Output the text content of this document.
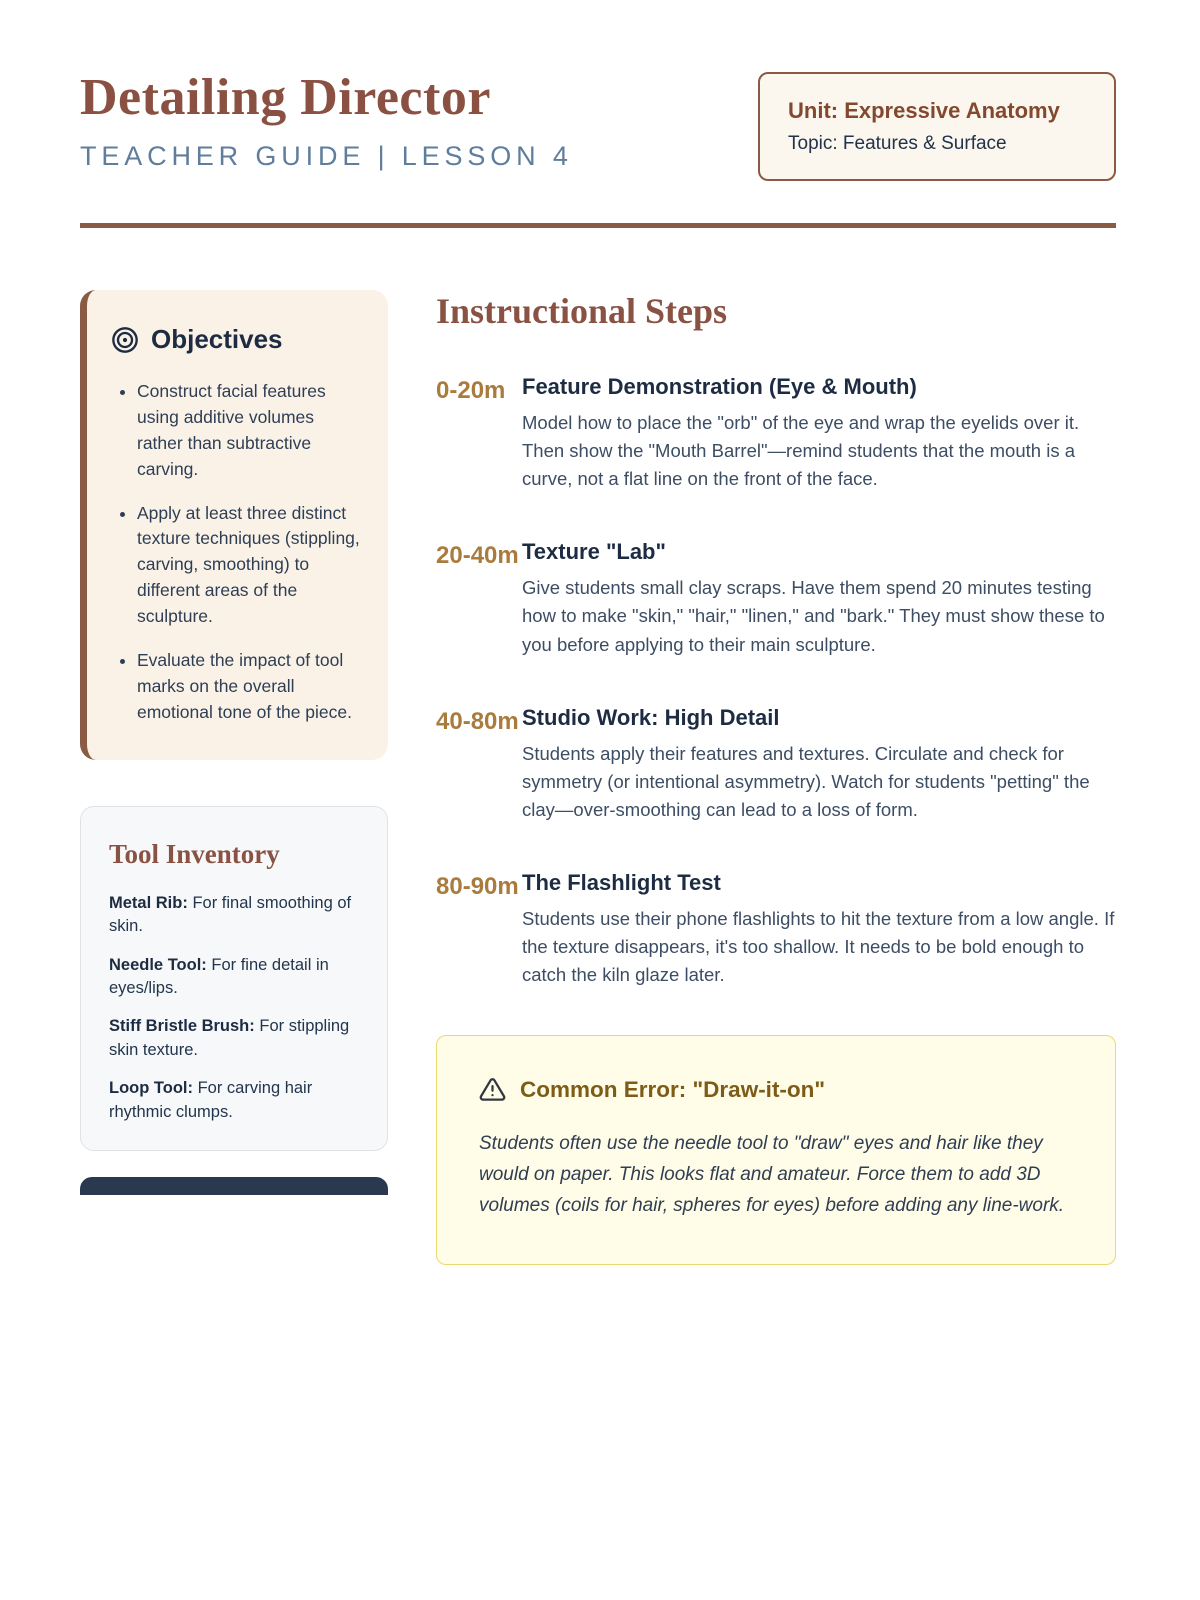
Detailing Director
TEACHER GUIDE | LESSON 4
Unit: Expressive Anatomy
Topic: Features & Surface
Objectives
• Construct facial features using additive volumes rather than subtractive carving.
• Apply at least three distinct texture techniques (stippling, carving, smoothing) to different areas of the sculpture.
• Evaluate the impact of tool marks on the overall emotional tone of the piece.
Tool Inventory

Metal Rib: For final smoothing of skin.

Needle Tool: For fine detail in eyes/lips.

Stiff Bristle Brush: For stippling skin texture.

Loop Tool: For carving hair rhythmic clumps.

Instructional Steps
0-20m Feature Demonstration (Eye & Mouth)

Model how to place the "orb" of the eye and wrap the eyelids over it. Then show the "Mouth Barrel"—remind students that the mouth is a curve, not a flat line on the front of the face.

20-40m Texture "Lab"

Give students small clay scraps. Have them spend 20 minutes testing how to make "skin," "hair," "linen," and "bark." They must show these to you before applying to their main sculpture.

40-80m Studio Work: High Detail

Students apply their features and textures. Circulate and check for symmetry (or intentional asymmetry). Watch for students "petting" the clay—over-smoothing can lead to a loss of form.

80-90m The Flashlight Test

Students use their phone flashlights to hit the texture from a low angle. If the texture disappears, it's too shallow. It needs to be bold enough to catch the kiln glaze later.

Common Error: "Draw-it-on"

Students often use the needle tool to "draw" eyes and hair like they would on paper. This looks flat and amateur. Force them to add 3D volumes (coils for hair, spheres for eyes) before adding any line-work.
